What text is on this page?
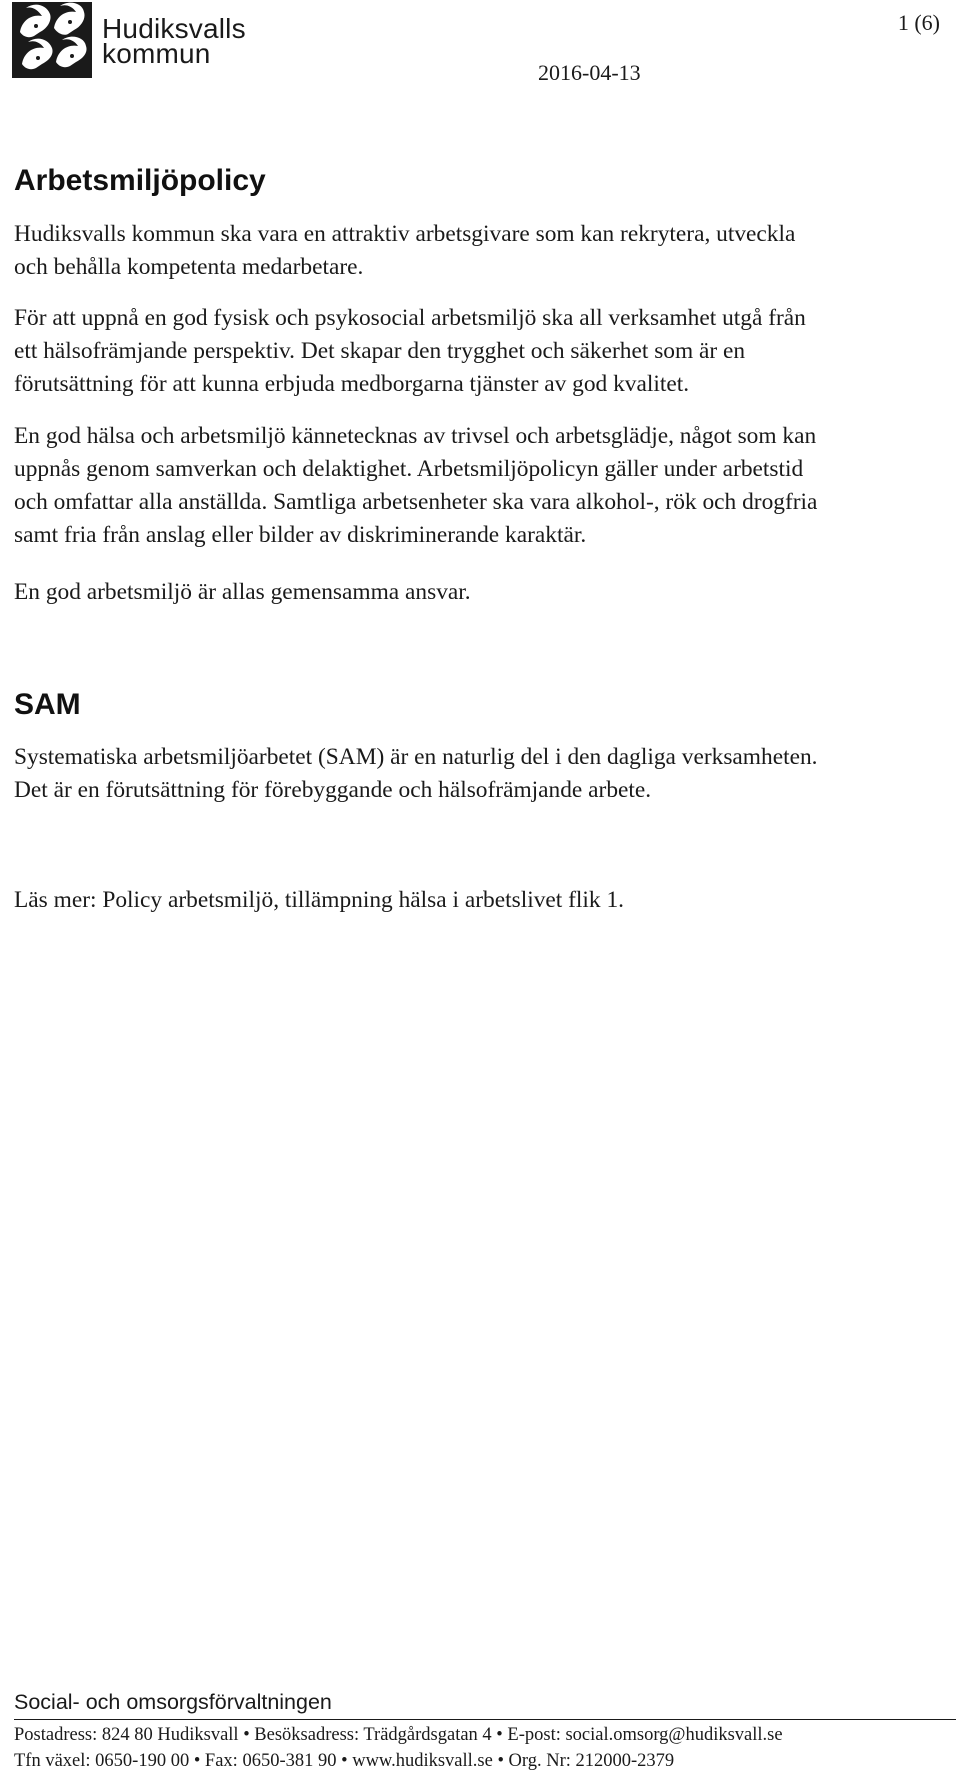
Hudiksvalls
kommun
1 (6)
2016-04-13
Arbetsmiljöpolicy

Hudiksvalls kommun ska vara en attraktiv arbetsgivare som kan rekrytera, utveckla
och behålla kompetenta medarbetare.

För att uppnå en god fysisk och psykosocial arbetsmiljö ska all verksamhet utgå från
ett hälsofrämjande perspektiv. Det skapar den trygghet och säkerhet som är en
förutsättning för att kunna erbjuda medborgarna tjänster av god kvalitet.

En god hälsa och arbetsmiljö kännetecknas av trivsel och arbetsglädje, något som kan
uppnås genom samverkan och delaktighet. Arbetsmiljöpolicyn gäller under arbetstid
och omfattar alla anställda. Samtliga arbetsenheter ska vara alkohol-, rök och drogfria
samt fria från anslag eller bilder av diskriminerande karaktär.

En god arbetsmiljö är allas gemensamma ansvar.

SAM

Systematiska arbetsmiljöarbetet (SAM) är en naturlig del i den dagliga verksamheten.
Det är en förutsättning för förebyggande och hälsofrämjande arbete.

Läs mer: Policy arbetsmiljö, tillämpning hälsa i arbetslivet flik 1.

Social- och omsorgsförvaltningen
Postadress: 824 80 Hudiksvall • Besöksadress: Trädgårdsgatan 4 • E-post: social.omsorg@hudiksvall.se
Tfn växel: 0650-190 00 • Fax: 0650-381 90 • www.hudiksvall.se • Org. Nr: 212000-2379
